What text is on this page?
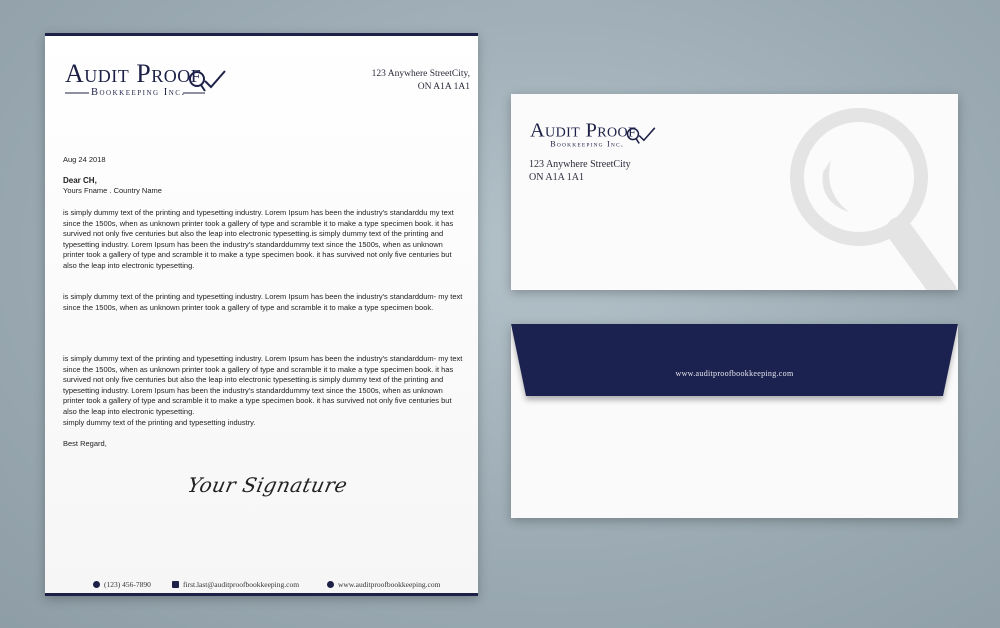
Audit Proof
Bookkeeping Inc.
123 Anywhere StreetCity,
ON A1A 1A1
Aug 24 2018
Dear CH,
Yours Fname . Country Name
is simply dummy text of the printing and typesetting industry. Lorem Ipsum has been the industry's standarddu my text since the 1500s, when as unknown printer took a gallery of type and scramble it to make a type specimen book. it has survived not only five centuries but also the leap into electronic typesetting.is simply dummy text of the printing and typesetting industry. Lorem Ipsum has been the industry's standarddummy text since the 1500s, when as unknown printer took a gallery of type and scramble it to make a type specimen book. it has survived not only five centuries but also the leap into electronic typesetting.
is simply dummy text of the printing and typesetting industry. Lorem Ipsum has been the industry's standarddum- my text since the 1500s, when as unknown printer took a gallery of type and scramble it to make a type specimen book.
is simply dummy text of the printing and typesetting industry. Lorem Ipsum has been the industry's standarddum- my text since the 1500s, when as unknown printer took a gallery of type and scramble it to make a type specimen book. it has survived not only five centuries but also the leap into electronic typesetting.is simply dummy text of the printing and typesetting industry. Lorem Ipsum has been the industry's standarddummy text since the 1500s, when as unknown printer took a gallery of type and scramble it to make a type specimen book. it has survived not only five centuries but also the leap into electronic typesetting.
simply dummy text of the printing and typesetting industry.
Best Regard,
Your Signature
(123) 456-7890	first.last@auditproofbookkeeping.com	www.auditproofbookkeeping.com
Audit Proof
Bookkeeping Inc.
123 Anywhere StreetCity
ON A1A 1A1
www.auditproofbookkeeping.com
